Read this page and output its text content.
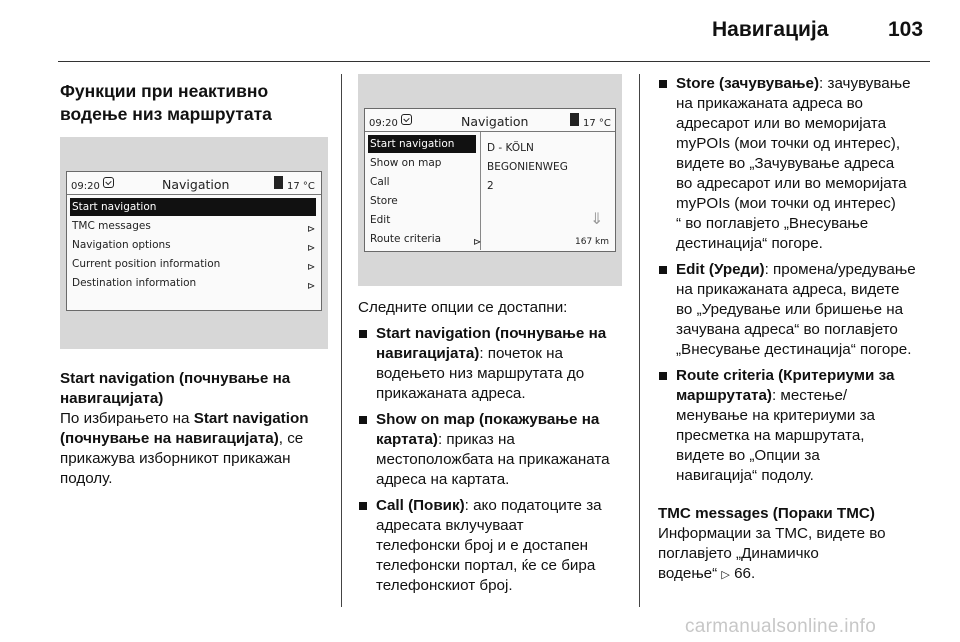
Навигација	103

Функции при неактивно
водење низ маршрутата

09:20	Navigation	17 °C
Start navigation
TMC messages	⊳
Navigation options	⊳
Current position information	⊳
Destination information	⊳

Start navigation (почнување на
навигацијата)

По избирањето на Start navigation
(почнување на навигацијата), се
прикажува изборникот прикажан
подолу.

09:20	Navigation	17 °C
Start navigation
Show on map
Call
Store
Edit
Route criteria	⊳
D - KÖLN
BEGONIENWEG
2
⇓
167 km

Следните опции се достапни:

Start navigation (почнување на
навигацијата): почеток на
водењето низ маршрутата до
прикажаната адреса.
Show on map (покажување на
картата): приказ на
местоположбата на прикажаната
адреса на картата.
Call (Повик): ако податоците за
адресата вклучуваат
телефонски број и е достапен
телефонски портал, ќе се бира
телефонскиот број.
Store (зачувување): зачувување
на прикажаната адреса во
адресарот или во меморијата
myPOIs (мои точки од интерес),
видете во „Зачувување адреса
во адресарот или во меморијата
myPOIs (мои точки од интерес)
“ во поглавјето „Внесување
дестинација“ погоре.
Edit (Уреди): промена/уредување
на прикажаната адреса, видете
во „Уредување или бришење на
зачувана адреса“ во поглавјето
„Внесување дестинација“ погоре.
Route criteria (Критериуми за
маршрутата): местење/
менување на критериуми за
пресметка на маршрутата,
видете во „Опции за
навигација“ подолу.

TMC messages (Пораки TMC)

Информации за TMC, видете во
поглавјето „Динамичко
водење“ ▷ 66.

carmanualsonline.info
